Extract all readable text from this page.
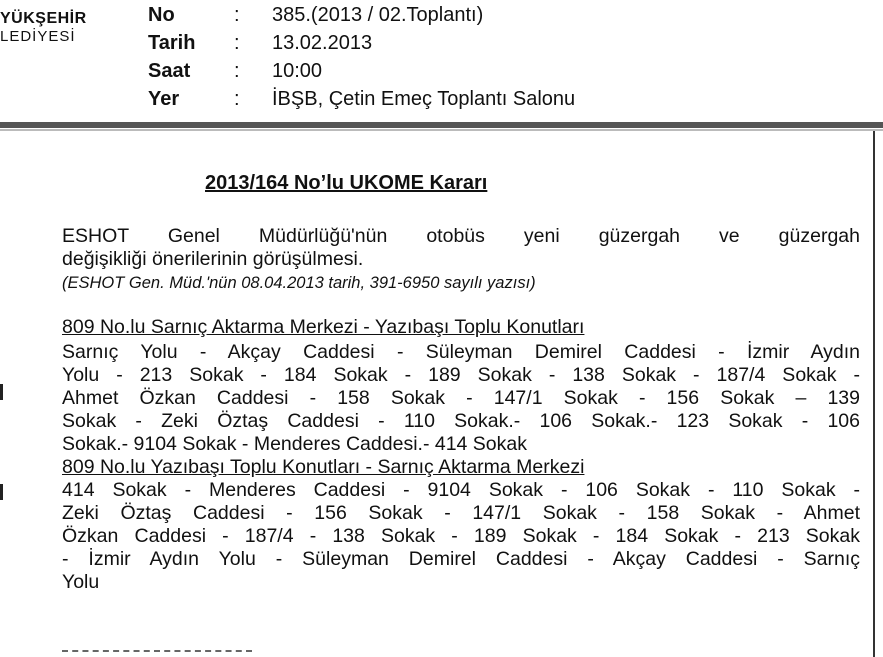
YÜKŞEHİR
LEDİYESİ
No	: 385.(2013 / 02.Toplantı)
Tarih : 13.02.2013
Saat : 10:00
Yer	: İBŞB, Çetin Emeç Toplantı Salonu
2013/164 No’lu UKOME Kararı
ESHOT Genel Müdürlüğü'nün otobüs yeni güzergah ve güzergah
değişikliği önerilerinin görüşülmesi.
(ESHOT Gen. Müd.'nün 08.04.2013 tarih, 391-6950 sayılı yazısı)
809 No.lu Sarnıç Aktarma Merkezi - Yazıbaşı Toplu Konutları
Sarnıç Yolu - Akçay Caddesi - Süleyman Demirel Caddesi - İzmir Aydın
Yolu - 213 Sokak - 184 Sokak - 189 Sokak - 138 Sokak - 187/4 Sokak -
Ahmet Özkan Caddesi - 158 Sokak - 147/1 Sokak - 156 Sokak – 139
Sokak - Zeki Öztaş Caddesi - 110 Sokak.- 106 Sokak.- 123 Sokak - 106
Sokak.- 9104 Sokak - Menderes Caddesi.- 414 Sokak
809 No.lu Yazıbaşı Toplu Konutları - Sarnıç Aktarma Merkezi
414 Sokak - Menderes Caddesi - 9104 Sokak - 106 Sokak - 110 Sokak -
Zeki Öztaş Caddesi - 156 Sokak - 147/1 Sokak - 158 Sokak - Ahmet
Özkan Caddesi - 187/4 - 138 Sokak - 189 Sokak - 184 Sokak - 213 Sokak
- İzmir Aydın Yolu - Süleyman Demirel Caddesi - Akçay Caddesi - Sarnıç
Yolu
